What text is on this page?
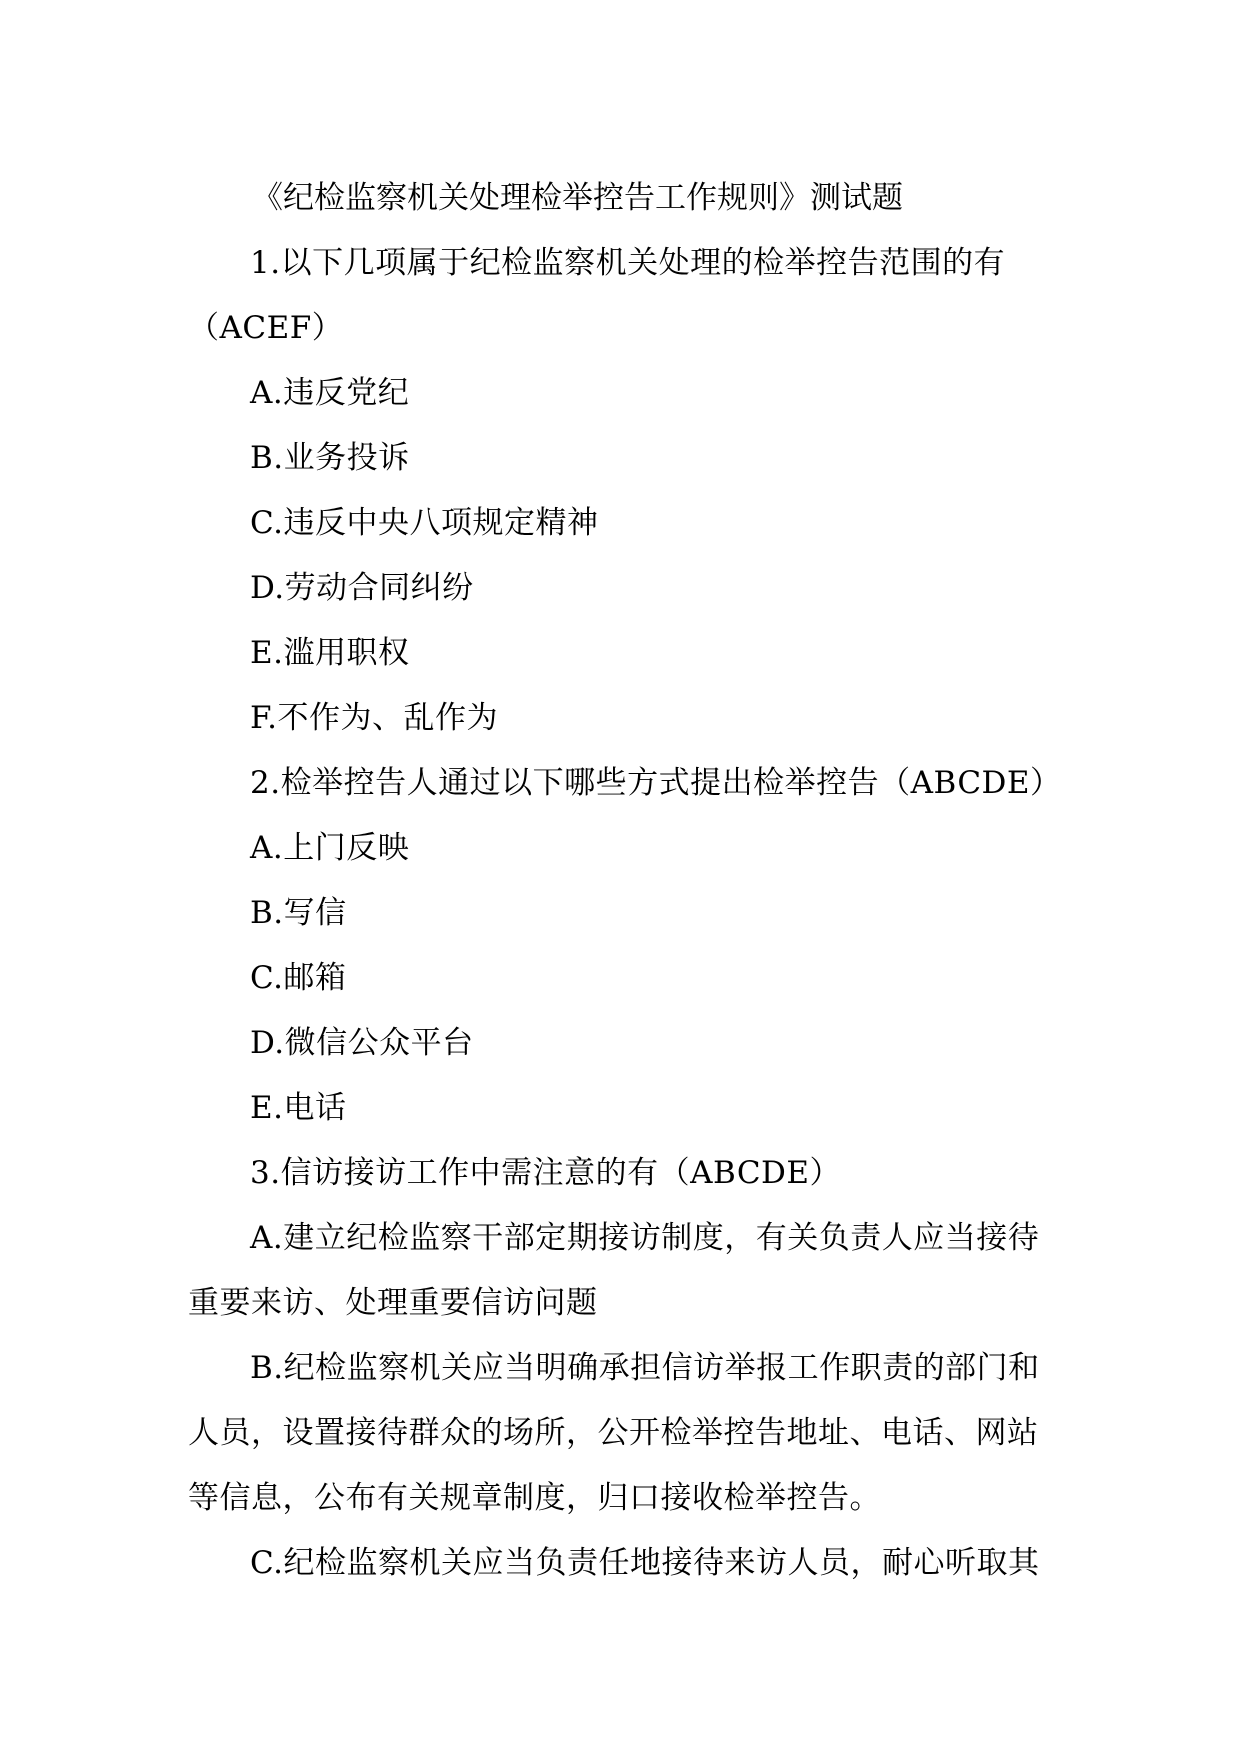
《纪检监察机关处理检举控告工作规则》测试题
1.以下几项属于纪检监察机关处理的检举控告范围的有
（ACEF）
A.违反党纪
B.业务投诉
C.违反中央八项规定精神
D.劳动合同纠纷
E.滥用职权
F.不作为、乱作为
2.检举控告人通过以下哪些方式提出检举控告（ABCDE）
A.上门反映
B.写信
C.邮箱
D.微信公众平台
E.电话
3.信访接访工作中需注意的有（ABCDE）
A.建立纪检监察干部定期接访制度，有关负责人应当接待
重要来访、处理重要信访问题
B.纪检监察机关应当明确承担信访举报工作职责的部门和
人员，设置接待群众的场所，公开检举控告地址、电话、网站
等信息，公布有关规章制度，归口接收检举控告。
C.纪检监察机关应当负责任地接待来访人员，耐心听取其
